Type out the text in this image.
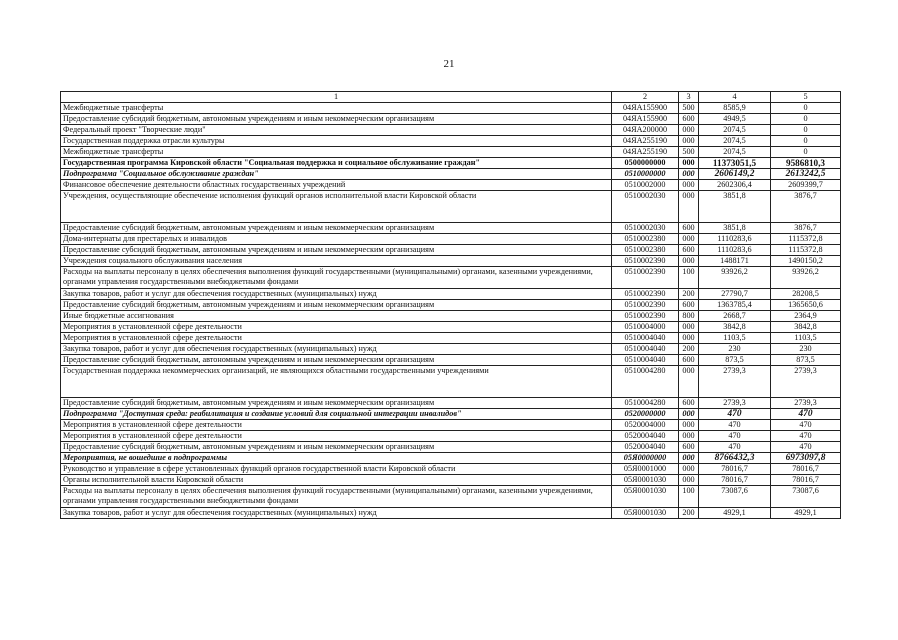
21
1	2	3	4	5
Межбюджетные трансферты	04ЯА155900	500	8585,9	0
Предоставление субсидий бюджетным, автономным учреждениям и иным некоммерческим организациям	04ЯА155900	600	4949,5	0
Федеральный проект "Творческие люди"	04ЯА200000	000	2074,5	0
Государственная поддержка отрасли культуры	04ЯА255190	000	2074,5	0
Межбюджетные трансферты	04ЯА255190	500	2074,5	0
Государственная программа Кировской области "Социальная поддержка и социальное обслуживание граждан"	0500000000	000	11373051,5	9586810,3
Подпрограмма "Социальное обслуживание граждан"	0510000000	000	2606149,2	2613242,5
Финансовое обеспечение деятельности областных государственных учреждений	0510002000	000	2602306,4	2609399,7
Учреждения, осуществляющие обеспечение исполнения функций органов исполнительной власти Кировской области	0510002030	000	3851,8	3876,7
Предоставление субсидий бюджетным, автономным учреждениям и иным некоммерческим организациям	0510002030	600	3851,8	3876,7
Дома-интернаты для престарелых и инвалидов	0510002380	000	1110283,6	1115372,8
Предоставление субсидий бюджетным, автономным учреждениям и иным некоммерческим организациям	0510002380	600	1110283,6	1115372,8
Учреждения социального обслуживания населения	0510002390	000	1488171	1490150,2
Расходы на выплаты персоналу в целях обеспечения выполнения функций государственными (муниципальными) органами, казенными учреждениями, органами управления государственными внебюджетными фондами	0510002390	100	93926,2	93926,2
Закупка товаров, работ и услуг для обеспечения государственных (муниципальных) нужд	0510002390	200	27790,7	28208,5
Предоставление субсидий бюджетным, автономным учреждениям и иным некоммерческим организациям	0510002390	600	1363785,4	1365650,6
Иные бюджетные ассигнования	0510002390	800	2668,7	2364,9
Мероприятия в установленной сфере деятельности	0510004000	000	3842,8	3842,8
Мероприятия в установленной сфере деятельности	0510004040	000	1103,5	1103,5
Закупка товаров, работ и услуг для обеспечения государственных (муниципальных) нужд	0510004040	200	230	230
Предоставление субсидий бюджетным, автономным учреждениям и иным некоммерческим организациям	0510004040	600	873,5	873,5
Государственная поддержка некоммерческих организаций, не являющихся областными государственными учреждениями	0510004280	000	2739,3	2739,3
Предоставление субсидий бюджетным, автономным учреждениям и иным некоммерческим организациям	0510004280	600	2739,3	2739,3
Подпрограмма "Доступная среда: реабилитация и создание условий для социальной интеграции инвалидов"	0520000000	000	470	470
Мероприятия в установленной сфере деятельности	0520004000	000	470	470
Мероприятия в установленной сфере деятельности	0520004040	000	470	470
Предоставление субсидий бюджетным, автономным учреждениям и иным некоммерческим организациям	0520004040	600	470	470
Мероприятия, не вошедшие в подпрограммы	05Я0000000	000	8766432,3	6973097,8
Руководство и управление в сфере установленных функций органов государственной власти Кировской области	05Я0001000	000	78016,7	78016,7
Органы исполнительной власти Кировской области	05Я0001030	000	78016,7	78016,7
Расходы на выплаты персоналу в целях обеспечения выполнения функций государственными (муниципальными) органами, казенными учреждениями, органами управления государственными внебюджетными фондами	05Я0001030	100	73087,6	73087,6
Закупка товаров, работ и услуг для обеспечения государственных (муниципальных) нужд	05Я0001030	200	4929,1	4929,1
